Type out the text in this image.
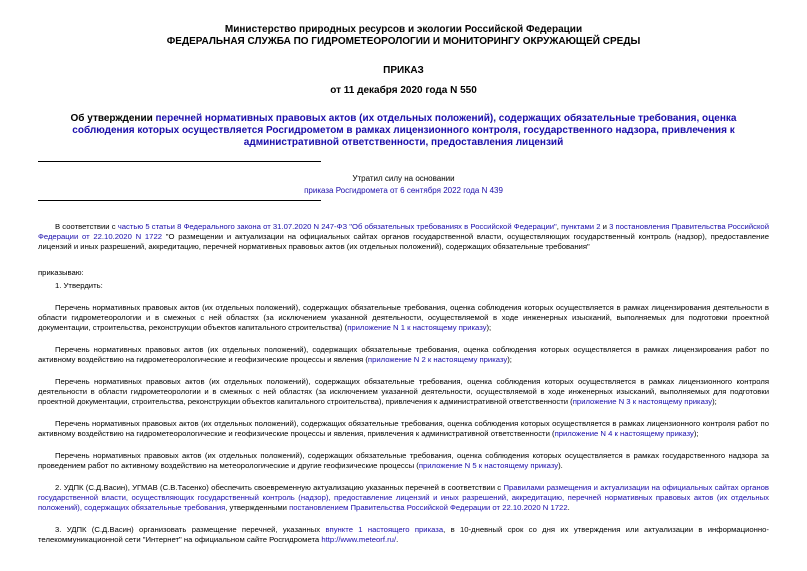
Министерство природных ресурсов и экологии Российской Федерации
ФЕДЕРАЛЬНАЯ СЛУЖБА ПО ГИДРОМЕТЕОРОЛОГИИ И МОНИТОРИНГУ ОКРУЖАЮЩЕЙ СРЕДЫ
ПРИКАЗ
от 11 декабря 2020 года N 550
Об утверждении перечней нормативных правовых актов (их отдельных положений), содержащих обязательные требования, оценка соблюдения которых осуществляется Росгидрометом в рамках лицензионного контроля, государственного надзора, привлечения к административной ответственности, предоставления лицензий
Утратил силу на основании
приказа Росгидромета от 6 сентября 2022 года N 439

В соответствии с частью 5 статьи 8 Федерального закона от 31.07.2020 N 247-ФЗ "Об обязательных требованиях в Российской Федерации", пунктами 2 и 3 постановления Правительства Российской Федерации от 22.10.2020 N 1722 "О размещении и актуализации на официальных сайтах органов государственной власти, осуществляющих государственный контроль (надзор), предоставление лицензий и иных разрешений, аккредитацию, перечней нормативных правовых актов (их отдельных положений), содержащих обязательные требования"

приказываю:

1. Утвердить:

Перечень нормативных правовых актов (их отдельных положений), содержащих обязательные требования, оценка соблюдения которых осуществляется в рамках лицензирования деятельности в области гидрометеорологии и в смежных с ней областях (за исключением указанной деятельности, осуществляемой в ходе инженерных изысканий, выполняемых для подготовки проектной документации, строительства, реконструкции объектов капитального строительства) (приложение N 1 к настоящему приказу);

Перечень нормативных правовых актов (их отдельных положений), содержащих обязательные требования, оценка соблюдения которых осуществляется в рамках лицензирования работ по активному воздействию на гидрометеорологические и геофизические процессы и явления (приложение N 2 к настоящему приказу);

Перечень нормативных правовых актов (их отдельных положений), содержащих обязательные требования, оценка соблюдения которых осуществляется в рамках лицензионного контроля деятельности в области гидрометеорологии и в смежных с ней областях (за исключением указанной деятельности, осуществляемой в ходе инженерных изысканий, выполняемых для подготовки проектной документации, строительства, реконструкции объектов капитального строительства), привлечения к административной ответственности (приложение N 3 к настоящему приказу);

Перечень нормативных правовых актов (их отдельных положений), содержащих обязательные требования, оценка соблюдения которых осуществляется в рамках лицензионного контроля работ по активному воздействию на гидрометеорологические и геофизические процессы и явления, привлечения к административной ответственности (приложение N 4 к настоящему приказу);

Перечень нормативных правовых актов (их отдельных положений), содержащих обязательные требования, оценка соблюдения которых осуществляется в рамках государственного надзора за проведением работ по активному воздействию на метеорологические и другие геофизические процессы (приложение N 5 к настоящему приказу).

2. УДПК (С.Д.Васин), УГМАВ (С.В.Тасенко) обеспечить своевременную актуализацию указанных перечней в соответствии с Правилами размещения и актуализации на официальных сайтах органов государственной власти, осуществляющих государственный контроль (надзор), предоставление лицензий и иных разрешений, аккредитацию, перечней нормативных правовых актов (их отдельных положений), содержащих обязательные требования, утвержденными постановлением Правительства Российской Федерации от 22.10.2020 N 1722.

3. УДПК (С.Д.Васин) организовать размещение перечней, указанных впункте 1 настоящего приказа, в 10-дневный срок со дня их утверждения или актуализации в информационно-телекоммуникационной сети "Интернет" на официальном сайте Росгидромета http://www.meteorf.ru/.
